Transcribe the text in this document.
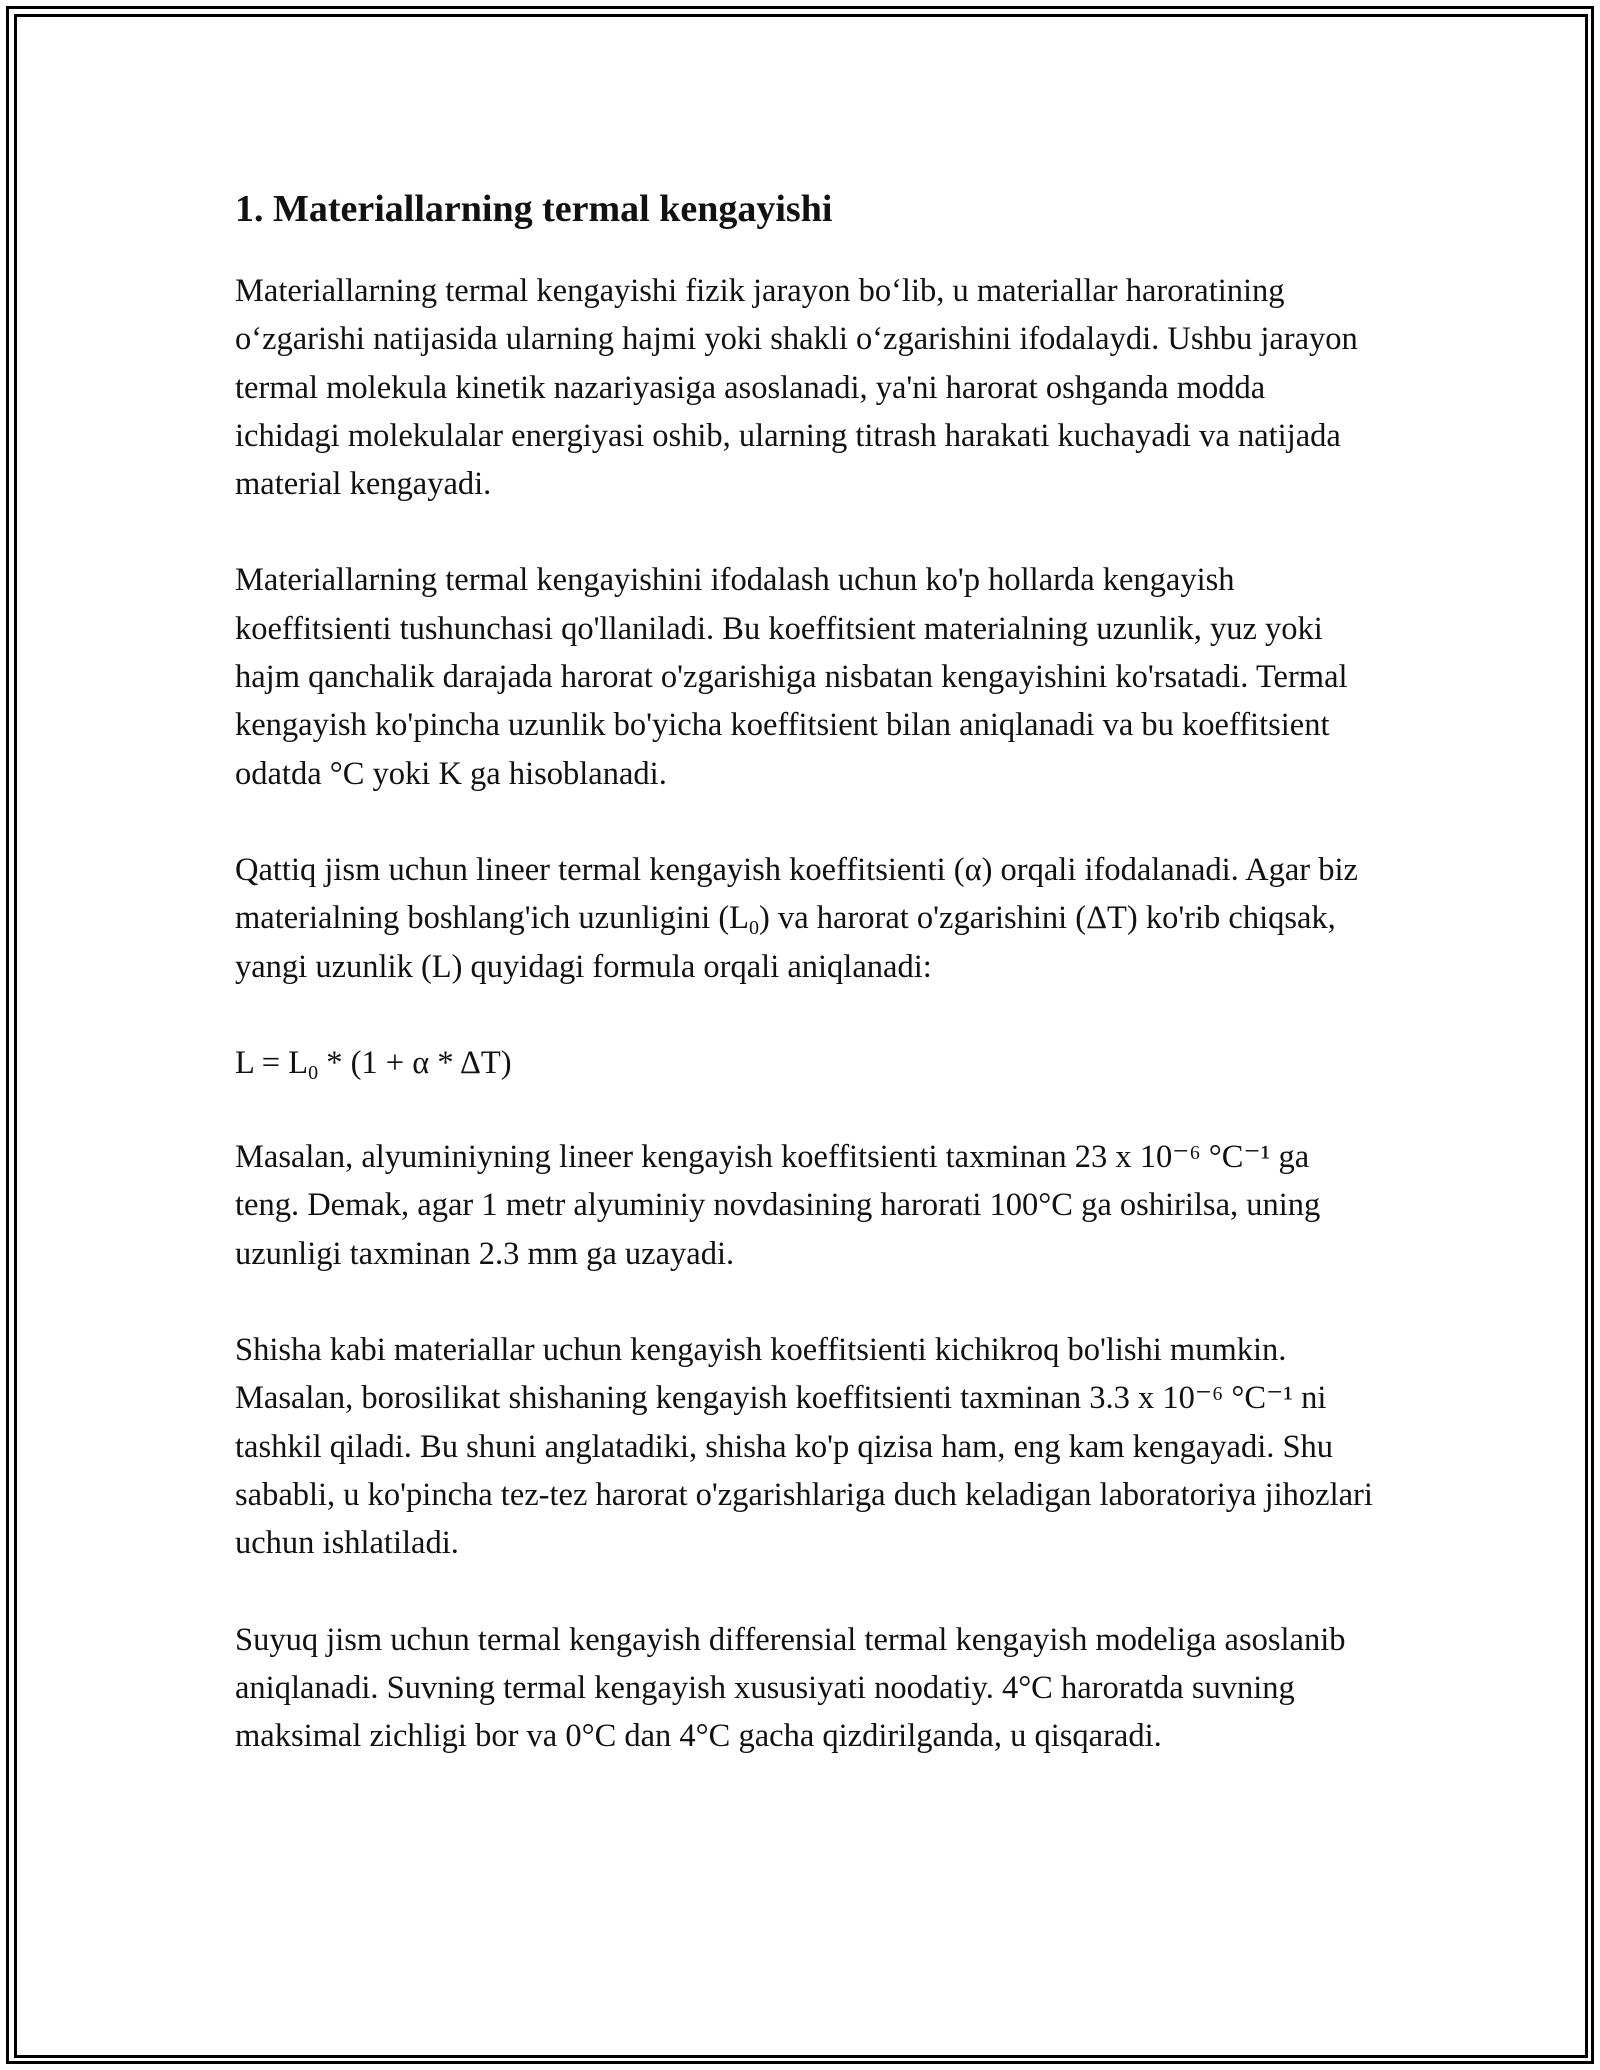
1. Materiallarning termal kengayishi

Materiallarning termal kengayishi fizik jarayon bo‘lib, u materiallar haroratining o‘zgarishi natijasida ularning hajmi yoki shakli o‘zgarishini ifodalaydi. Ushbu jarayon termal molekula kinetik nazariyasiga asoslanadi, ya'ni harorat oshganda modda ichidagi molekulalar energiyasi oshib, ularning titrash harakati kuchayadi va natijada material kengayadi.

Materiallarning termal kengayishini ifodalash uchun ko'p hollarda kengayish koeffitsienti tushunchasi qo'llaniladi. Bu koeffitsient materialning uzunlik, yuz yoki hajm qanchalik darajada harorat o'zgarishiga nisbatan kengayishini ko'rsatadi. Termal kengayish ko'pincha uzunlik bo'yicha koeffitsient bilan aniqlanadi va bu koeffitsient odatda °C yoki K ga hisoblanadi.

Qattiq jism uchun lineer termal kengayish koeffitsienti (α) orqali ifodalanadi. Agar biz materialning boshlang'ich uzunligini $(L_0)$ va harorat o'zgarishini (ΔT) ko'rib chiqsak, yangi uzunlik (L) quyidagi formula orqali aniqlanadi:

$L = L_0 * (1 + \alpha * \Delta T)$

Masalan, alyuminiyning lineer kengayish koeffitsienti taxminan 23 x 10⁻⁶ °C⁻¹ ga teng. Demak, agar 1 metr alyuminiy novdasining harorati 100°C ga oshirilsa, uning uzunligi taxminan 2.3 mm ga uzayadi.

Shisha kabi materiallar uchun kengayish koeffitsienti kichikroq bo'lishi mumkin. Masalan, borosilikat shishaning kengayish koeffitsienti taxminan 3.3 x 10⁻⁶ °C⁻¹ ni tashkil qiladi. Bu shuni anglatadiki, shisha ko'p qizisa ham, eng kam kengayadi. Shu sababli, u ko'pincha tez-tez harorat o'zgarishlariga duch keladigan laboratoriya jihozlari uchun ishlatiladi.

Suyuq jism uchun termal kengayish differensial termal kengayish modeliga asoslanib aniqlanadi. Suvning termal kengayish xususiyati noodatiy. 4°C haroratda suvning maksimal zichligi bor va 0°C dan 4°C gacha qizdirilganda, u qisqaradi.
